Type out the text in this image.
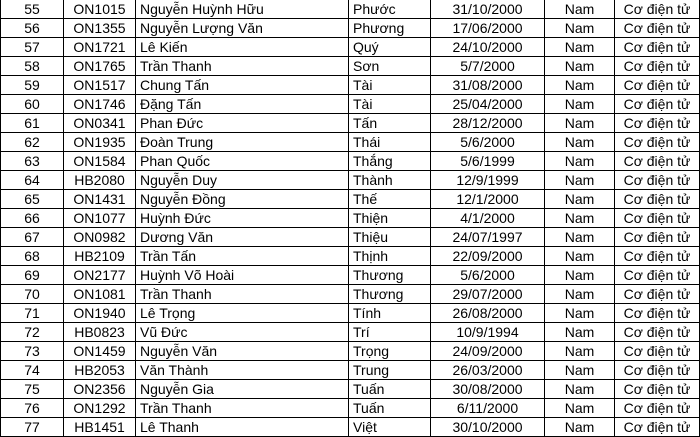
55	ON1015	Nguyễn Huỳnh Hữu	Phước	31/10/2000	Nam	Cơ điện tử
56	ON1355	Nguyễn Lượng Văn	Phương	17/06/2000	Nam	Cơ điện tử
57	ON1721	Lê Kiến	Quý	24/10/2000	Nam	Cơ điện tử
58	ON1765	Trần Thanh	Sơn	5/7/2000	Nam	Cơ điện tử
59	ON1517	Chung Tấn	Tài	31/08/2000	Nam	Cơ điện tử
60	ON1746	Đặng Tấn	Tài	25/04/2000	Nam	Cơ điện tử
61	ON0341	Phan Đức	Tấn	28/12/2000	Nam	Cơ điện tử
62	ON1935	Đoàn Trung	Thái	5/6/2000	Nam	Cơ điện tử
63	ON1584	Phan Quốc	Thắng	5/6/1999	Nam	Cơ điện tử
64	HB2080	Nguyễn Duy	Thành	12/9/1999	Nam	Cơ điện tử
65	ON1431	Nguyễn Đồng	Thế	12/1/2000	Nam	Cơ điện tử
66	ON1077	Huỳnh Đức	Thiện	4/1/2000	Nam	Cơ điện tử
67	ON0982	Dương Văn	Thiệu	24/07/1997	Nam	Cơ điện tử
68	HB2109	Trần Tấn	Thịnh	22/09/2000	Nam	Cơ điện tử
69	ON2177	Huỳnh Võ Hoài	Thương	5/6/2000	Nam	Cơ điện tử
70	ON1081	Trần Thanh	Thương	29/07/2000	Nam	Cơ điện tử
71	ON1940	Lê Trọng	Tính	26/08/2000	Nam	Cơ điện tử
72	HB0823	Vũ Đức	Trí	10/9/1994	Nam	Cơ điện tử
73	ON1459	Nguyễn Văn	Trọng	24/09/2000	Nam	Cơ điện tử
74	HB2053	Văn Thành	Trung	26/03/2000	Nam	Cơ điện tử
75	ON2356	Nguyễn Gia	Tuấn	30/08/2000	Nam	Cơ điện tử
76	ON1292	Trần Thanh	Tuấn	6/11/2000	Nam	Cơ điện tử
77	HB1451	Lê Thanh	Việt	30/10/2000	Nam	Cơ điện tử
